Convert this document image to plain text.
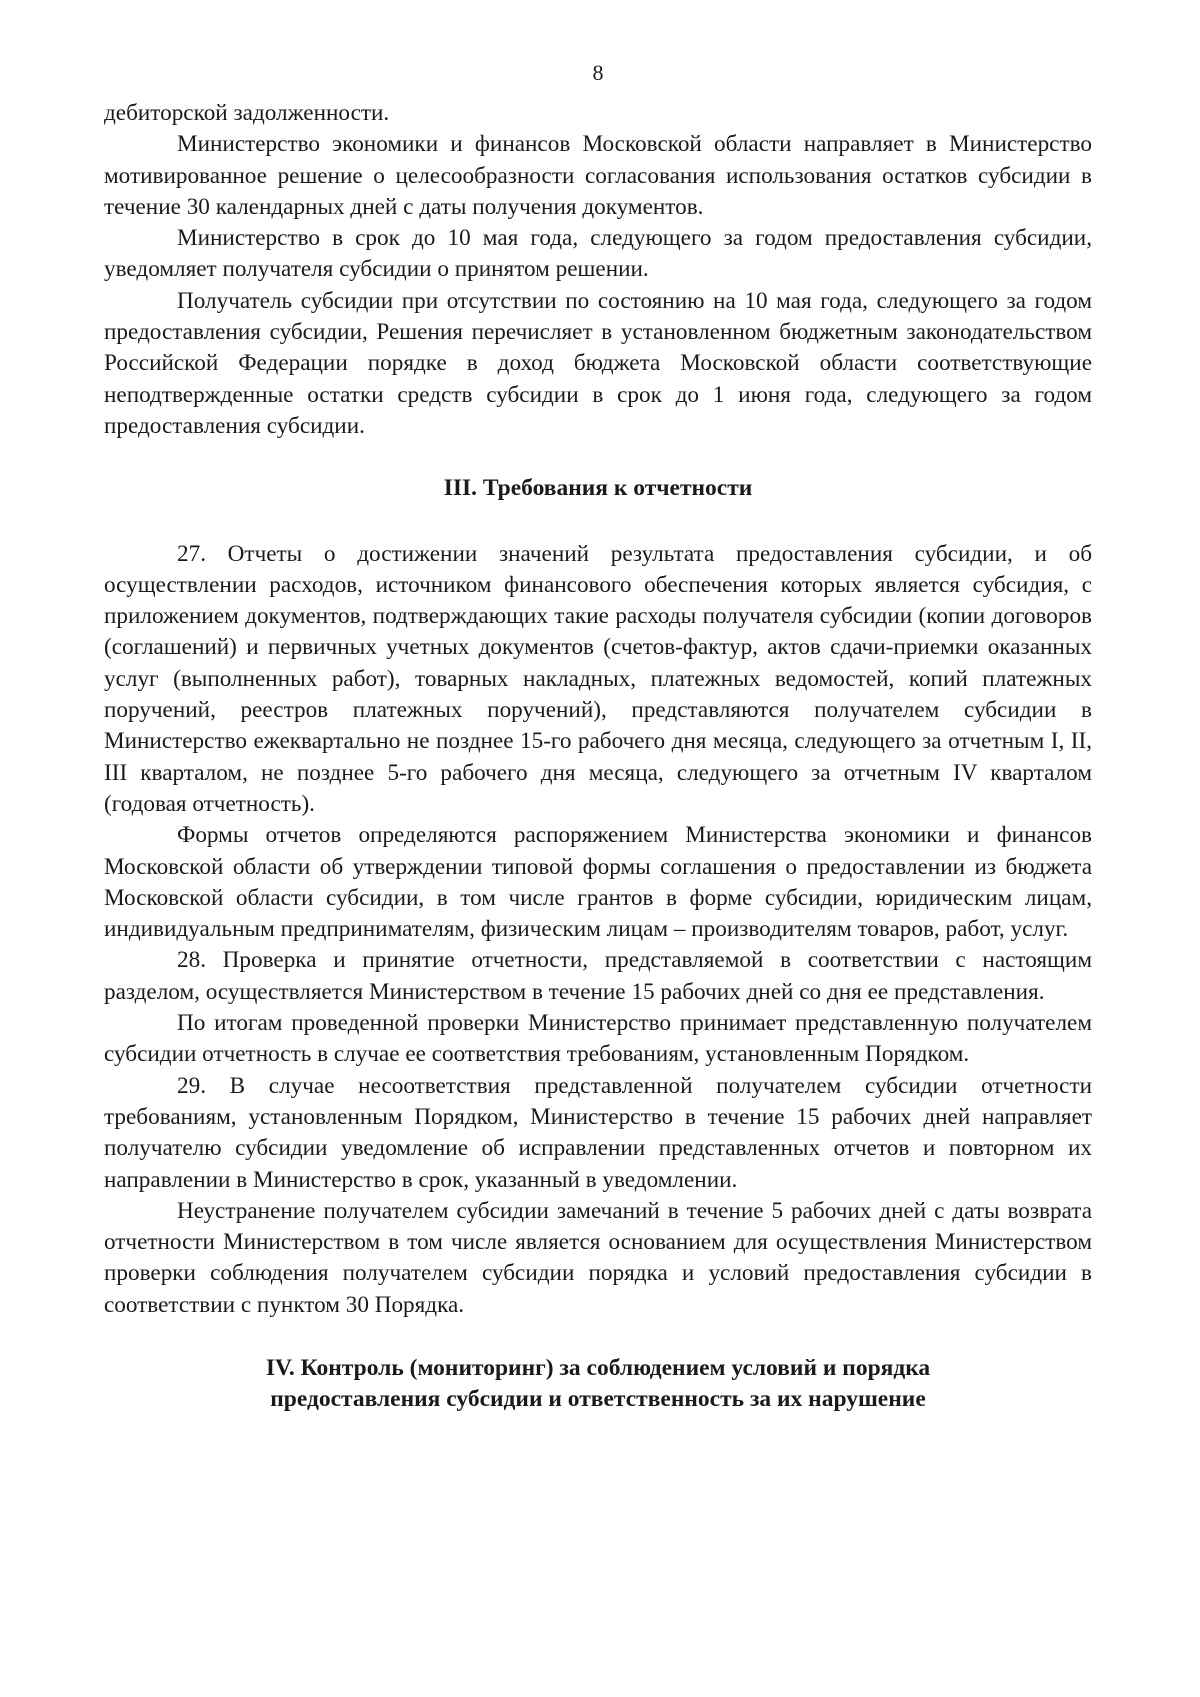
8

дебиторской задолженности.

Министерство экономики и финансов Московской области направляет в Министерство мотивированное решение о целесообразности согласования использования остатков субсидии в течение 30 календарных дней с даты получения документов.

Министерство в срок до 10 мая года, следующего за годом предоставления субсидии, уведомляет получателя субсидии о принятом решении.

Получатель субсидии при отсутствии по состоянию на 10 мая года, следующего за годом предоставления субсидии, Решения перечисляет в установленном бюджетным законодательством Российской Федерации порядке в доход бюджета Московской области соответствующие неподтвержденные остатки средств субсидии в срок до 1 июня года, следующего за годом предоставления субсидии.

III. Требования к отчетности

27. Отчеты о достижении значений результата предоставления субсидии, и об осуществлении расходов, источником финансового обеспечения которых является субсидия, с приложением документов, подтверждающих такие расходы получателя субсидии (копии договоров (соглашений) и первичных учетных документов (счетов-фактур, актов сдачи-приемки оказанных услуг (выполненных работ), товарных накладных, платежных ведомостей, копий платежных поручений, реестров платежных поручений), представляются получателем субсидии в Министерство ежеквартально не позднее 15-го рабочего дня месяца, следующего за отчетным I, II, III кварталом, не позднее 5-го рабочего дня месяца, следующего за отчетным IV кварталом (годовая отчетность).

Формы отчетов определяются распоряжением Министерства экономики и финансов Московской области об утверждении типовой формы соглашения о предоставлении из бюджета Московской области субсидии, в том числе грантов в форме субсидии, юридическим лицам, индивидуальным предпринимателям, физическим лицам – производителям товаров, работ, услуг.

28. Проверка и принятие отчетности, представляемой в соответствии с настоящим разделом, осуществляется Министерством в течение 15 рабочих дней со дня ее представления.

По итогам проведенной проверки Министерство принимает представленную получателем субсидии отчетность в случае ее соответствия требованиям, установленным Порядком.

29. В случае несоответствия представленной получателем субсидии отчетности требованиям, установленным Порядком, Министерство в течение 15 рабочих дней направляет получателю субсидии уведомление об исправлении представленных отчетов и повторном их направлении в Министерство в срок, указанный в уведомлении.

Неустранение получателем субсидии замечаний в течение 5 рабочих дней с даты возврата отчетности Министерством в том числе является основанием для осуществления Министерством проверки соблюдения получателем субсидии порядка и условий предоставления субсидии в соответствии с пунктом 30 Порядка.

IV. Контроль (мониторинг) за соблюдением условий и порядка
предоставления субсидии и ответственность за их нарушение
